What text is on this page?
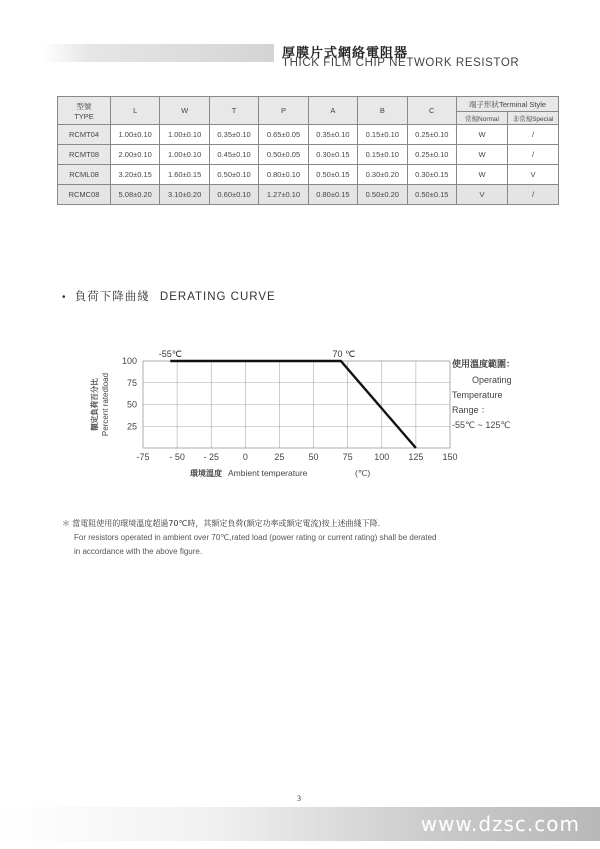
厚膜片式網絡電阻器
THICK FILM CHIP NETWORK RESISTOR
型號
TYPE	L	W	T	P	A	B	C	端子形狀Terminal Style	
								常規Normal	非常規Special
RCMT04	1.00±0.10	1.00±0.10	0.35±0.10	0.65±0.05	0.35±0.10	0.15±0.10	0.25±0.10	W	/
RCMT08	2.00±0.10	1.00±0.10	0.45±0.10	0.50±0.05	0.30±0.15	0.15±0.10	0.25±0.10	W	/
RCML08	3.20±0.15	1.60±0.15	0.50±0.10	0.80±0.10	0.50±0.15	0.30±0.20	0.30±0.15	W	V
RCMC08	5.08±0.20	3.10±0.20	0.60±0.10	1.27±0.10	0.80±0.15	0.50±0.20	0.50±0.15	V	/
• 負荷下降曲綫 DERATING CURVE
-75 - 50 - 25	0	25	50	75 100 125 150
25
50
75
100
額定負荷百分比 Percent ratedload
環境溫度 Ambient temperature	(℃)
-55℃	70 ℃
使用溫度範圍：
Operating
Temperature
Range ：
-55℃ ~ 125℃
＊ 當電阻使用的環境溫度超過70℃時，其額定負荷(額定功率或額定電流)按上述曲綫下降.
For resistors operated in ambient over 70℃,rated load (power rating or current rating) shall be derated
in accordance with the above figure.
3
www.dzsc.com
